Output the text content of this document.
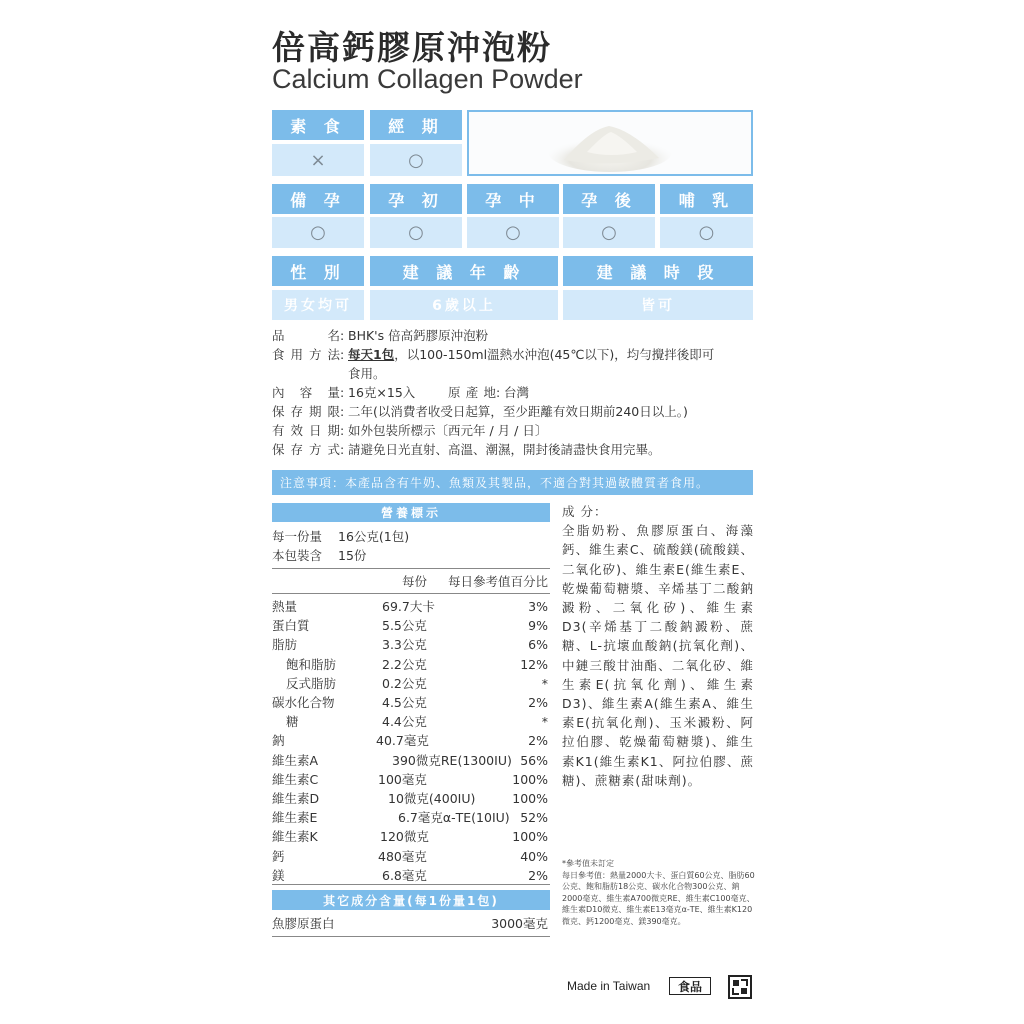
倍高鈣膠原沖泡粉
Calcium Collagen Powder
素 食	經 期
×	○
備 孕	孕 初	孕 中	孕 後	哺 乳
○	○	○	○	○
性 別	建 議 年 齡	建 議 時 段
男女均可	6歲以上	皆可
品名: BHK's 倍高鈣膠原沖泡粉
食用方法: 每天1包，以100-150ml溫熱水沖泡(45℃以下)，均勻攪拌後即可
食用。
內容量: 16克×15入	原產地: 台灣
保存期限: 二年(以消費者收受日起算，至少距離有效日期前240日以上。)
有效日期: 如外包裝所標示〔西元年 / 月 / 日〕
保存方式: 請避免日光直射、高溫、潮濕，開封後請盡快食用完畢。
注意事項：本產品含有牛奶、魚類及其製品，不適合對其過敏體質者食用。
營養標示
每一份量 16公克(1包)
本包裝含 15份
每份 每日參考值百分比
熱量	69.7大卡	3%
蛋白質	5.5公克	9%
脂肪	3.3公克	6%
飽和脂肪	2.2公克	12%
反式脂肪	0.2公克	*
碳水化合物	4.5公克	2%
糖	4.4公克	*
鈉	40.7毫克	2%
維生素A	390微克RE(1300IU) 56%
維生素C	100毫克	100%
維生素D	10微克(400IU)	100%
維生素E	6.7毫克α-TE(10IU) 52%
維生素K	120微克	100%
鈣	480毫克	40%
鎂	6.8毫克	2%
其它成分含量(每1份量1包)
魚膠原蛋白	3000毫克
成 分：
全脂奶粉、魚膠原蛋白、海藻鈣、維生素C、硫酸鎂(硫酸鎂、二氧化矽)、維生素E(維生素E、乾燥葡萄糖漿、辛烯基丁二酸鈉澱粉、二氧化矽)、維生素D3(辛烯基丁二酸鈉澱粉、蔗糖、L-抗壞血酸鈉(抗氧化劑)、中鏈三酸甘油酯、二氧化矽、維生素E(抗氧化劑)、維生素D3)、維生素A(維生素A、維生素E(抗氧化劑)、玉米澱粉、阿拉伯膠、乾燥葡萄糖漿)、維生素K1(維生素K1、阿拉伯膠、蔗糖)、蔗糖素(甜味劑)。
*參考值未訂定
每日參考值：熱量2000大卡、蛋白質60公克、脂肪60公克、飽和脂肪18公克、碳水化合物300公克、鈉2000毫克、維生素A700微克RE、維生素C100毫克、維生素D10微克、維生素E13毫克α-TE、維生素K120微克、鈣1200毫克、鎂390毫克。
Made in Taiwan	食品
